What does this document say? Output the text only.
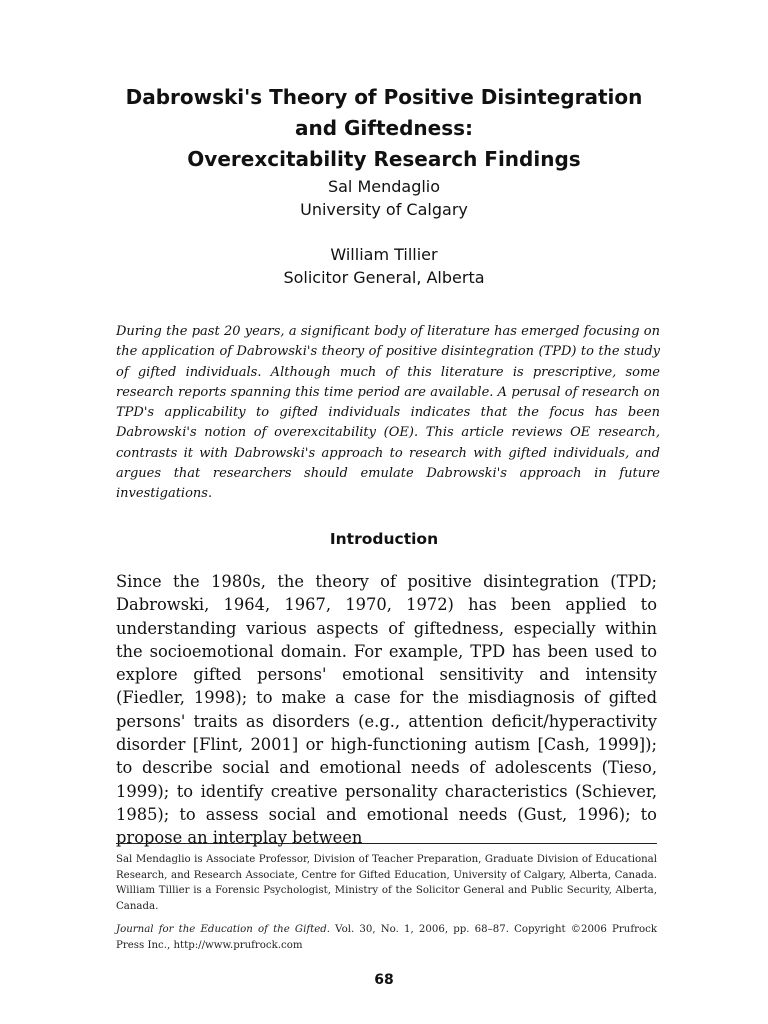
Dabrowski's Theory of Positive Disintegration
and Giftedness:
Overexcitability Research Findings
Sal Mendaglio
University of Calgary
William Tillier
Solicitor General, Alberta

During the past 20 years, a significant body of literature has emerged focusing on the application of Dabrowski's theory of positive disintegration (TPD) to the study of gifted individuals. Although much of this literature is prescriptive, some research reports spanning this time period are available. A perusal of research on TPD's applicability to gifted individuals indicates that the focus has been Dabrowski's notion of overexcitability (OE). This article reviews OE research, contrasts it with Dabrowski's approach to research with gifted individuals, and argues that researchers should emulate Dabrowski's approach in future investigations.

Introduction

Since the 1980s, the theory of positive disintegration (TPD; Dabrowski, 1964, 1967, 1970, 1972) has been applied to understanding various aspects of giftedness, especially within the socioemotional domain. For example, TPD has been used to explore gifted persons' emotional sensitivity and intensity (Fiedler, 1998); to make a case for the misdiagnosis of gifted persons' traits as disorders (e.g., attention deficit/hyperactivity disorder [Flint, 2001] or high-functioning autism [Cash, 1999]); to describe social and emotional needs of adolescents (Tieso, 1999); to identify creative personality characteristics (Schiever, 1985); to assess social and emotional needs (Gust, 1996); to propose an interplay between

Sal Mendaglio is Associate Professor, Division of Teacher Preparation, Graduate Division of Educational Research, and Research Associate, Centre for Gifted Education, University of Calgary, Alberta, Canada. William Tillier is a Forensic Psychologist, Ministry of the Solicitor General and Public Security, Alberta, Canada.

Journal for the Education of the Gifted. Vol. 30, No. 1, 2006, pp. 68–87. Copyright ©2006 Prufrock Press Inc., http://www.prufrock.com

68
